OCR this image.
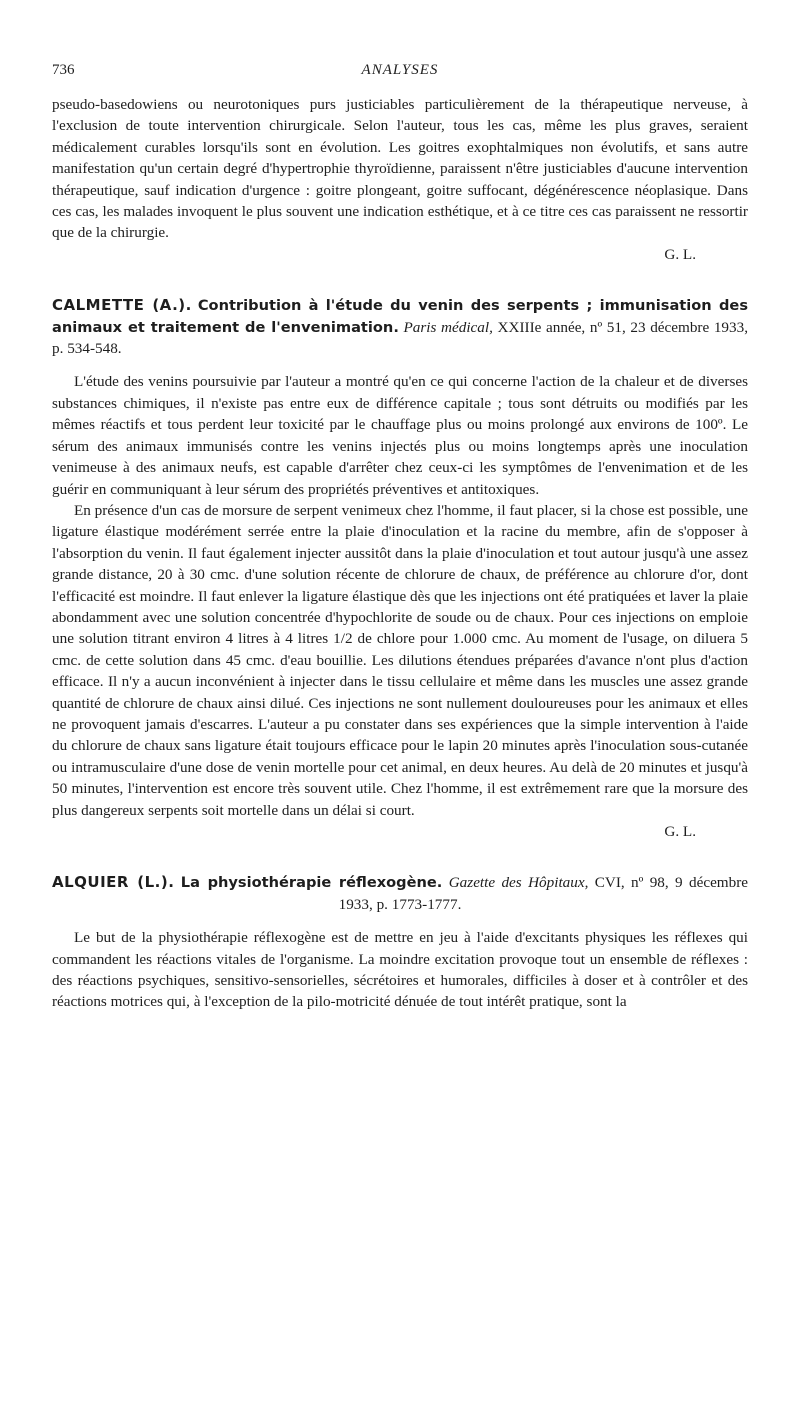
736	ANALYSES

pseudo-basedowiens ou neurotoniques purs justiciables particulièrement de la thérapeutique nerveuse, à l'exclusion de toute intervention chirurgicale. Selon l'auteur, tous les cas, même les plus graves, seraient médicalement curables lorsqu'ils sont en évolution. Les goitres exophtalmiques non évolutifs, et sans autre manifestation qu'un certain degré d'hypertrophie thyroïdienne, paraissent n'être justiciables d'aucune intervention thérapeutique, sauf indication d'urgence : goitre plongeant, goitre suffocant, dégénérescence néoplasique. Dans ces cas, les malades invoquent le plus souvent une indication esthétique, et à ce titre ces cas paraissent ne ressortir que de la chirurgie.

G. L.

CALMETTE (A.). Contribution à l'étude du venin des serpents ; immunisation des animaux et traitement de l'envenimation. Paris médical, XXIIIe année, nº 51, 23 décembre 1933, p. 534-548.

L'étude des venins poursuivie par l'auteur a montré qu'en ce qui concerne l'action de la chaleur et de diverses substances chimiques, il n'existe pas entre eux de différence capitale ; tous sont détruits ou modifiés par les mêmes réactifs et tous perdent leur toxicité par le chauffage plus ou moins prolongé aux environs de 100º. Le sérum des animaux immunisés contre les venins injectés plus ou moins longtemps après une inoculation venimeuse à des animaux neufs, est capable d'arrêter chez ceux-ci les symptômes de l'envenimation et de les guérir en communiquant à leur sérum des propriétés préventives et antitoxiques.

En présence d'un cas de morsure de serpent venimeux chez l'homme, il faut placer, si la chose est possible, une ligature élastique modérément serrée entre la plaie d'inoculation et la racine du membre, afin de s'opposer à l'absorption du venin. Il faut également injecter aussitôt dans la plaie d'inoculation et tout autour jusqu'à une assez grande distance, 20 à 30 cmc. d'une solution récente de chlorure de chaux, de préférence au chlorure d'or, dont l'efficacité est moindre. Il faut enlever la ligature élastique dès que les injections ont été pratiquées et laver la plaie abondamment avec une solution concentrée d'hypochlorite de soude ou de chaux. Pour ces injections on emploie une solution titrant environ 4 litres à 4 litres 1/2 de chlore pour 1.000 cmc. Au moment de l'usage, on diluera 5 cmc. de cette solution dans 45 cmc. d'eau bouillie. Les dilutions étendues préparées d'avance n'ont plus d'action efficace. Il n'y a aucun inconvénient à injecter dans le tissu cellulaire et même dans les muscles une assez grande quantité de chlorure de chaux ainsi dilué. Ces injections ne sont nullement douloureuses pour les animaux et elles ne provoquent jamais d'escarres. L'auteur a pu constater dans ses expériences que la simple intervention à l'aide du chlorure de chaux sans ligature était toujours efficace pour le lapin 20 minutes après l'inoculation sous-cutanée ou intramusculaire d'une dose de venin mortelle pour cet animal, en deux heures. Au delà de 20 minutes et jusqu'à 50 minutes, l'intervention est encore très souvent utile. Chez l'homme, il est extrêmement rare que la morsure des plus dangereux serpents soit mortelle dans un délai si court.

G. L.

ALQUIER (L.). La physiothérapie réflexogène. Gazette des Hôpitaux, CVI, nº 98, 9 décembre 1933, p. 1773-1777.

Le but de la physiothérapie réflexogène est de mettre en jeu à l'aide d'excitants physiques les réflexes qui commandent les réactions vitales de l'organisme. La moindre excitation provoque tout un ensemble de réflexes : des réactions psychiques, sensitivo-sensorielles, sécrétoires et humorales, difficiles à doser et à contrôler et des réactions motrices qui, à l'exception de la pilo-motricité dénuée de tout intérêt pratique, sont la
